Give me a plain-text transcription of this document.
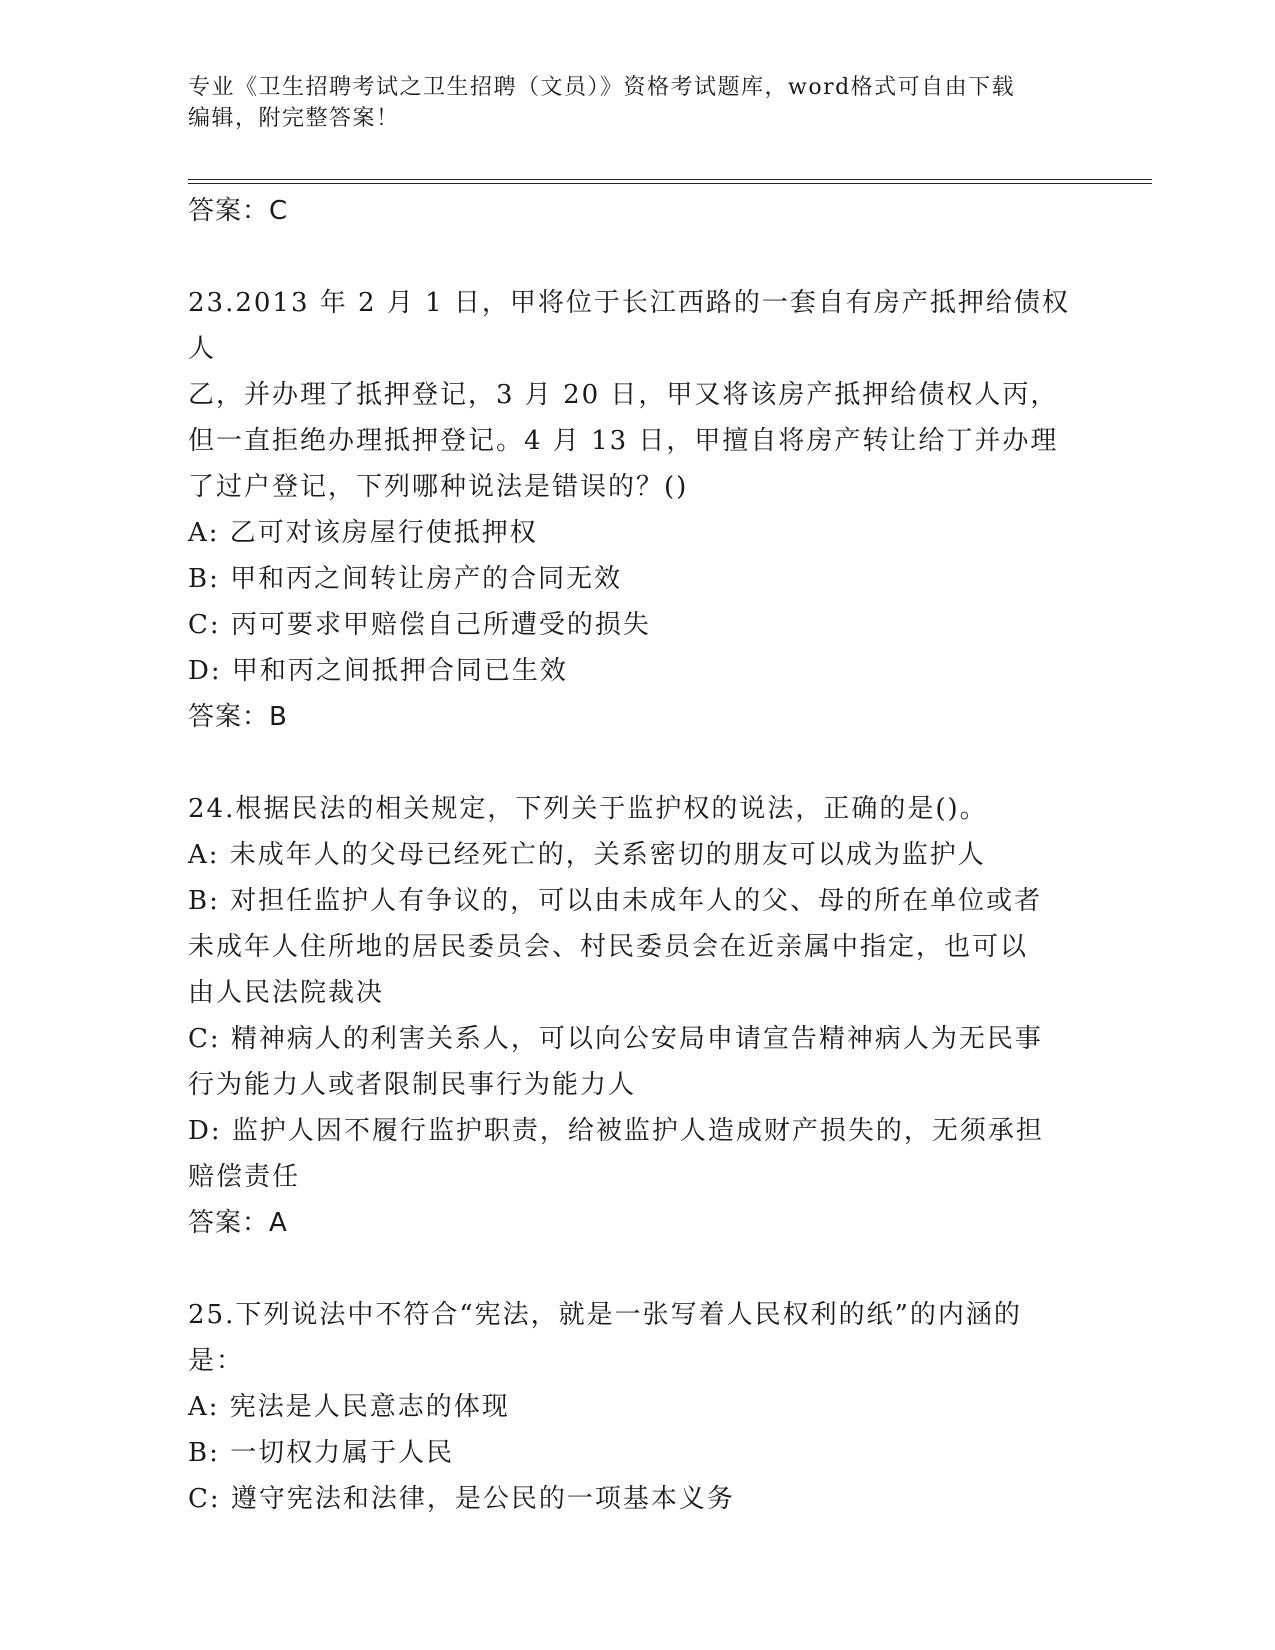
专业《卫生招聘考试之卫生招聘（文员）》资格考试题库，word格式可自由下载
编辑，附完整答案！
答案：C
23.2013 年 2 月 1 日，甲将位于长江西路的一套自有房产抵押给债权人
乙，并办理了抵押登记，3 月 20 日，甲又将该房产抵押给债权人丙，
但一直拒绝办理抵押登记。4 月 13 日，甲擅自将房产转让给丁并办理
了过户登记，下列哪种说法是错误的？()
A: 乙可对该房屋行使抵押权
B: 甲和丙之间转让房产的合同无效
C: 丙可要求甲赔偿自己所遭受的损失
D: 甲和丙之间抵押合同已生效
答案：B
24.根据民法的相关规定，下列关于监护权的说法，正确的是()。
A: 未成年人的父母已经死亡的，关系密切的朋友可以成为监护人
B: 对担任监护人有争议的，可以由未成年人的父、母的所在单位或者
未成年人住所地的居民委员会、村民委员会在近亲属中指定，也可以
由人民法院裁决
C: 精神病人的利害关系人，可以向公安局申请宣告精神病人为无民事
行为能力人或者限制民事行为能力人
D: 监护人因不履行监护职责，给被监护人造成财产损失的，无须承担
赔偿责任
答案：A
25.下列说法中不符合“宪法，就是一张写着人民权利的纸”的内涵的
是：
A: 宪法是人民意志的体现
B: 一切权力属于人民
C: 遵守宪法和法律，是公民的一项基本义务
